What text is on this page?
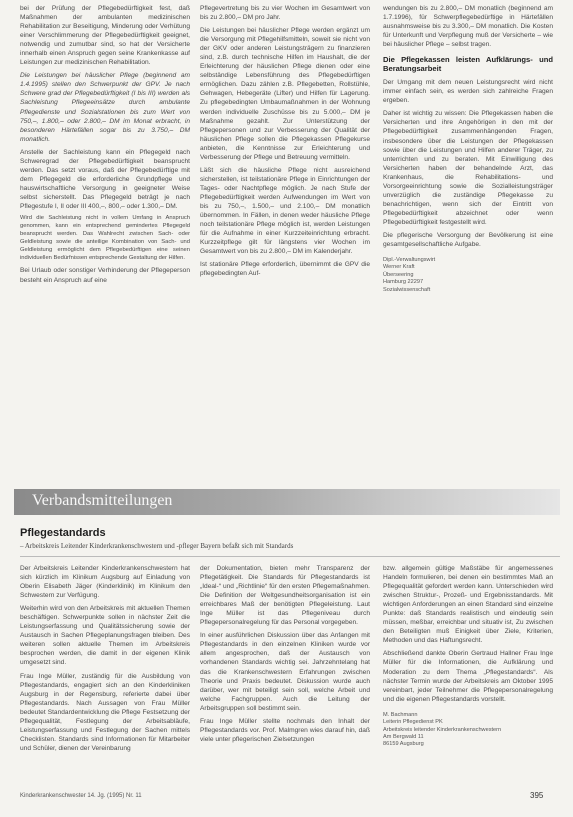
bei der Prüfung der Pflegebedürftigkeit fest, daß Maßnahmen der ambulanten medizinischen Rehabilitation zur Beseitigung, Minderung oder Verhütung einer Verschlimmerung der Pflegebedürftigkeit geeignet, notwendig und zumutbar sind, so hat der Versicherte innerhalb einen Anspruch gegen seine Krankenkasse auf Leistungen zur medizinischen Rehabilitation.

Die Leistungen bei häuslicher Pflege (beginnend am 1.4.1995) stellen den Schwerpunkt der GPV. Je nach Schwere grad der Pflegebedürftigkeit (I bis III) werden als Sachleistung Pflegeeinsätze durch ambulante Pflegedienste und Sozialstationen bis zum Wert von 750,–, 1.800,– oder 2.800,– DM im Monat erbracht, in besonderen Härtefällen sogar bis zu 3.750,– DM monatlich.

Anstelle der Sachleistung kann ein Pflegegeld nach Schweregrad der Pflegebedürftigkeit beansprucht werden. Das setzt voraus, daß der Pflegebedürftige mit dem Pflegegeld die erforderliche Grundpflege und hauswirtschaftliche Versorgung in geeigneter Weise selbst sicherstellt. Das Pflegegeld beträgt je nach Pflegestufe I, II oder III 400,–, 800,– oder 1.300,– DM.

Wird die Sachleistung nicht in vollem Umfang in Anspruch genommen, kann ein entsprechend gemindertes Pflegegeld beansprucht werden. Das Wahlrecht zwischen Sach- oder Geldleistung sowie die anteilige Kombination von Sach- und Geldleistung ermöglicht dem Pflegebedürftigen eine seinen individuellen Bedürfnissen entsprechende Gestaltung der Hilfen.

Bei Urlaub oder sonstiger Verhinderung der Pflegeperson besteht ein Anspruch auf eine

Pflegevertretung bis zu vier Wochen im Gesamtwert von bis zu 2.800,– DM pro Jahr.

Die Leistungen bei häuslicher Pflege werden ergänzt um die Versorgung mit Pflegehilfsmitteln, soweit sie nicht von der GKV oder anderen Leistungsträgern zu finanzieren sind, z.B. durch technische Hilfen im Haushalt, die der Erleichterung der häuslichen Pflege dienen oder eine selbständige Lebensführung des Pflegebedürftigen ermöglichen. Dazu zählen z.B. Pflegebetten, Rollstühle, Gehwagen, Hebegeräte (Lifter) und Hilfen für Lagerung. Zu pflegebedingten Umbaumaßnahmen in der Wohnung werden individuelle Zuschüsse bis zu 5.000,– DM je Maßnahme gezahlt. Zur Unterstützung der Pflegepersonen und zur Verbesserung der Qualität der häuslichen Pflege sollen die Pflegekassen Pflegekurse anbieten, die Kenntnisse zur Erleichterung und Verbesserung der Pflege und Betreuung vermitteln.

Läßt sich die häusliche Pflege nicht ausreichend sicherstellen, ist teilstationäre Pflege in Einrichtungen der Tages- oder Nachtpflege möglich. Je nach Stufe der Pflegebedürftigkeit werden Aufwendungen im Wert von bis zu 750,–, 1.500,– und 2.100,– DM monatlich übernommen. In Fällen, in denen weder häusliche Pflege noch teilstationäre Pflege möglich ist, werden Leistungen für die Aufnahme in einer Kurzzeiteinrichtung erbracht. Kurzzeitpflege gilt für längstens vier Wochen im Gesamtwert von bis zu 2.800,– DM im Kalenderjahr.

Ist stationäre Pflege erforderlich, übernimmt die GPV die pflegebedingten Auf-

wendungen bis zu 2.800,– DM monatlich (beginnend am 1.7.1996), für Schwerpflegebedürftige in Härtefällen ausnahmsweise bis zu 3.300,– DM monatlich. Die Kosten für Unterkunft und Verpflegung muß der Versicherte – wie bei häuslicher Pflege – selbst tragen.

Die Pflegekassen leisten Aufklärungs- und Beratungsarbeit

Der Umgang mit dem neuen Leistungsrecht wird nicht immer einfach sein, es werden sich zahlreiche Fragen ergeben.

Daher ist wichtig zu wissen: Die Pflegekassen haben die Versicherten und ihre Angehörigen in den mit der Pflegebedürftigkeit zusammenhängenden Fragen, insbesondere über die Leistungen der Pflegekassen sowie über die Leistungen und Hilfen anderer Träger, zu unterrichten und zu beraten. Mit Einwilligung des Versicherten haben der behandelnde Arzt, das Krankenhaus, die Rehabilitations- und Vorsorgeeinrichtung sowie die Sozialleistungsträger unverzüglich die zuständige Pflegekasse zu benachrichtigen, wenn sich der Eintritt von Pflegebedürftigkeit abzeichnet oder wenn Pflegebedürftigkeit festgestellt wird.

Die pflegerische Versorgung der Bevölkerung ist eine gesamtgesellschaftliche Aufgabe.

Dipl.-Verwaltungswirt
Werner Kraft
Überseering
Hamburg 22297
Sozialwissenschaft
Verbandsmitteilungen
Pflegestandards
– Arbeitskreis Leitender Kinderkrankenschwestern und -pfleger Bayern befaßt sich mit Standards

Der Arbeitskreis Leitender Kinderkrankenschwestern hat sich kürzlich im Klinikum Augsburg auf Einladung von Oberin Elisabeth Jäger (Kinderklinik) im Klinikum den Schwestern zur Verfügung.

Weiterhin wird von den Arbeitskreis mit aktuellen Themen beschäftigen. Schwerpunkte sollen in nächster Zeit die Leistungserfassung und Qualitätssicherung sowie der Austausch in Sachen Pflegeplanungsfragen bleiben. Des weiteren sollen aktuelle Themen im Arbeitskreis besprochen werden, die damit in der eigenen Klinik umgesetzt sind.

Frau Inge Müller, zuständig für die Ausbildung von Pflegestandards, engagiert sich an den Kinderkliniken Augsburg in der Regensburg, referierte dabei über Pflegestandards. Nach Aussagen von Frau Müller bedeutet Standardentwicklung die Pflege Festsetzung der Pflegequalität, Festlegung der Arbeitsabläufe, Leistungserfassung und Festlegung der Sachen mittels Checklisten. Standards sind Informationen für Mitarbeiter und Schüler, dienen der Vereinbarung

der Dokumentation, bieten mehr Transparenz der Pflegetätigkeit. Die Standards für Pflegestandards ist „Ideal-“ und „Richtlinie“ für den ersten Pflegemaßnahmen. Die Definition der Weltgesundheitsorganisation ist ein erreichbares Maß der benötigten Pflegeleistung. Laut Inge Müller ist das Pflegeniveau durch Pflegepersonalregelung für das Personal vorgegeben.

In einer ausführlichen Diskussion über das Anfangen mit Pflegestandards in den einzelnen Kliniken wurde vor allem angesprochen, daß der Austausch von vorhandenen Standards wichtig sei. Jahrzehntelang hat das die Krankenschwestern Erfahrungen zwischen Theorie und Praxis bedeutet. Diskussion wurde auch darüber, wer mit beteiligt sein soll, welche Arbeit und welche Fachgruppen. Auch die Leitung der Arbeitsgruppen soll bestimmt sein.

Frau Inge Müller stellte nochmals den Inhalt der Pflegestandards vor. Prof. Malmgren wies darauf hin, daß viele unter pflegerischen Zielsetzungen

bzw. allgemein gültige Maßstäbe für angemessenes Handeln formulieren, bei denen ein bestimmtes Maß an Pflegequalität gefordert werden kann. Unterschieden wird zwischen Struktur-, Prozeß- und Ergebnisstandards. Mit wichtigen Anforderungen an einen Standard sind einzelne Punkte: daß Standards realistisch und eindeutig sein müssen, meßbar, erreichbar und situativ ist, Zu zwischen den Beteiligten muß Einigkeit über Ziele, Kriterien, Methoden und das Haftungsrecht.

Abschließend dankte Oberin Gertraud Hallner Frau Inge Müller für die Informationen, die Aufklärung und Moderation zu dem Thema „Pflegestandards“. Als nächster Termin wurde der Arbeitskreis am Oktober 1995 vereinbart, jeder Teilnehmer die Pflegepersonalregelung und die eigenen Pflegestandards vorstellt.

M. Bachmann
Leiterin Pflegedienst PK
Arbeitskreis leitender Kinderkrankenschwestern
Am Bergwald 11
86159 Augsburg
Kinderkrankenschwester 14. Jg. (1995) Nr. 11	395
